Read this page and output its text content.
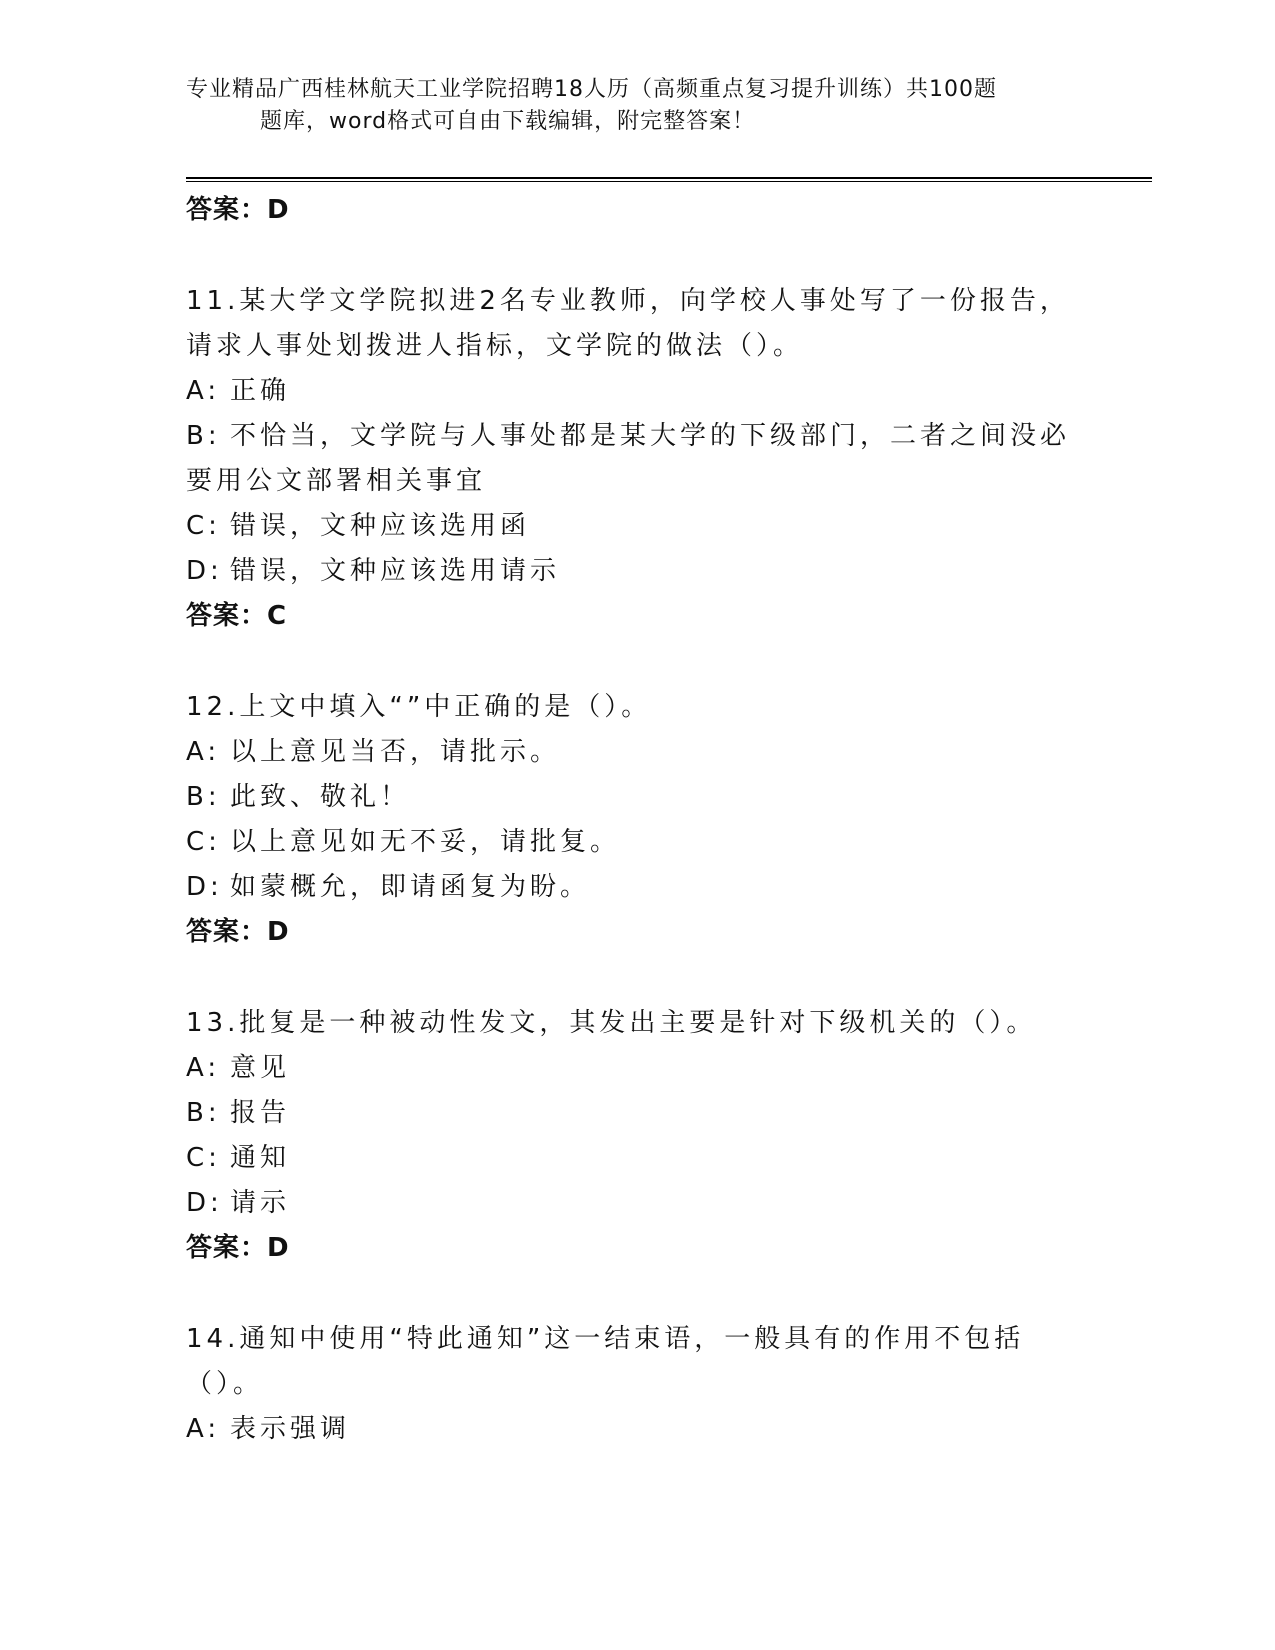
专业精品广西桂林航天工业学院招聘18人历（高频重点复习提升训练）共100题
题库，word格式可自由下载编辑，附完整答案！
答案：D
11.某大学文学院拟进2名专业教师，向学校人事处写了一份报告，请求人事处划拨进人指标，文学院的做法（）。
A: 正确
B: 不恰当，文学院与人事处都是某大学的下级部门，二者之间没必要用公文部署相关事宜
C: 错误，文种应该选用函
D: 错误，文种应该选用请示
答案：C
12.上文中填入“”中正确的是（）。
A: 以上意见当否，请批示。
B: 此致、敬礼！
C: 以上意见如无不妥，请批复。
D: 如蒙概允，即请函复为盼。
答案：D
13.批复是一种被动性发文，其发出主要是针对下级机关的（）。
A: 意见
B: 报告
C: 通知
D: 请示
答案：D
14.通知中使用“特此通知”这一结束语，一般具有的作用不包括（）。
A: 表示强调
